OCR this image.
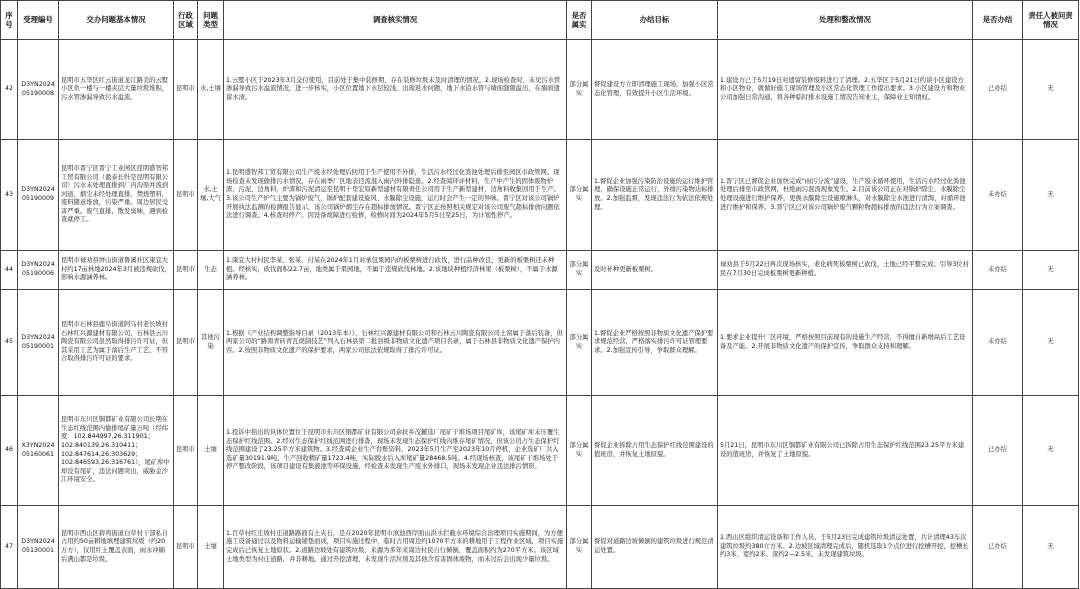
序号	受理编号	交办问题基本情况	行政区域	问题类型	调查核实情况	是否属实	办结目标	处理和整改情况	是否办结	责任人被问责情况
42	D3YN2024 05190008	昆明市五华区红云街道龙江路美的云墅小区负一楼与一楼夹层大量垃圾堆积，污水管渗漏导致污水溢流。	昆明市	水,土壤	1.云墅小区于2023年3月交付使用，目前处于集中装修期，存在装修垃圾未及时清理的情况。2.现场检查时，未见污水管渗漏导致污水溢流情况，进一步核实，小区位置地下水层较浅，出现返水问题，地下水沿水管与墙面缝隙溢出，在墙面遗留水渍。	部分属实	督促建设方立即清理施工现场，加强小区常态化管理，有效提升小区生活环境。	1.建设方已于5月19日对遗留装修废料进行了清理。2.五华区于5月21日约谈小区建设方和小区物业，就做好施工现场管理及小区常态化管理工作提出要求。3.小区建设方和物业公司加强日常沟通，将各种临时排水设施工情况告知业主，保障业主知情权。	已办结	无
43	D3YN2024 05190009	昆明市晋宁区晋宁工业园区昆明盛智邦工贸有限公司（盈泰长纤是昆明有限公司）污水未处理直排到厂内沟渠并流到河道，烟尘未经处理直排，焚烧塑料，废料随意堆放，污染严重。周边居民受害严重。废气直排，散发臭味，遇到检查就停工。	昆明市	水,土壤,大气	1.昆明盛智邦工贸有限公司生产废水经处理后回用于生产使用不外排，生活污水经过化粪池处理后排至园区市政管网。现场检查未发现偷排污水情况，存在雨季厂区地表径流混入雨内外排隐患。2.经查阅环评材料，生产中产生的固体废物炉渣、污泥、边角料，炉渣和污泥清运至昆明十里宏原新型建材有限责任公司用于生产新型建材，边角料收集回用于生产。3.该公司生产炉气主要为锅炉废气，锅炉配套建设旋风、水膜除尘设施，运行时会产生一定的异味。晋宁区对该公司锅炉开展执法监测的检测报告显示，该公司锅炉烟尘存在超标排放情况。晋宁区正按照相关规定对该公司废气超标排放问题依法进行调查。4.核查时停产。因设备故障进行检修，检修时间为2024年5月5日至25日，为计划性停产。	部分属实	1.督促企业加强污染防治设施的运行维护管理，确保设施正常运行，外排污染物达标排放。2.加强监督，发现违法行为依法依规处理。	1.晋宁区已督促企业加快完成“雨污分流”建设，生产废水循环使用，生活污水经过化粪池处理后排至市政管网，杜绝雨污混流现象发生。2.目前该公司正在对锅炉除尘、水膜除尘处理设施进行维护保养，更换水膜除尘设施喷淋头，对水膜除尘水池进行清淘，对循环池进行维护和保养。3.晋宁区已对该公司锅炉废气颗粒物超标排放的违法行为立案调查。	未办结	无
44	D3YN2024 05190006	昆明市禄劝县屏山街道鲁溪社区康宜大村约17亩林地2024年3月被违规砍伐，影响水源涵养林。	昆明市	生态	1.康宜大村村民李某、张某、付某在2024年1月对承包果园内的板栗树进行砍伐，进行品种改良，更新的板栗树还未种植。经核实，砍伐面积22.7亩，地类属于果园地，不属于违规砍伐林地。2.该地块种植经济林果（板栗树），不属于水源涵养林。	部分属实	及时补种更新板栗树。	禄劝县于5月22日再次现场核实，老化病死板栗树已砍伐，土地已经平整完成；引导3位村民在7月30日完成板栗树更新种植。	未办结	无
45	D3YN2024 05190001	昆明市石林县鹿阜街道阿乌村老长坡村石林红兴源建材有限公司、石林县云川陶瓷有限公司虽然取得排污许可证，但其采用工艺为属于落后生产工艺，不符合取得排污许可证的要求。	昆明市	其他污染	1.根据《产业结构调整指导目录（2013年本）》，石林红兴源建材有限公司和石林云川陶瓷有限公司土窑属于落后装备，但两家公司的“路南青砖青瓦烧制技艺”列入石林县第二批县级非物质文化遗产项目名录，属于石林县非物质文化遗产保护内容。2.按照非物质文化遗产的保护要求，两家公司依法依规取得了排污许可证。	部分属实	1.督促企业严格按照非物质文化遗产保护要求规范经营，严格落实排污许可证管理要求。2.加强宣传引导，争取群众理解。	1.要求企业提升厂区环境，严格按照目前现有的设施生产经营，不得擅自新增高后工艺设备及产能。2.开展非物质文化遗产的保护宣传，争取群众支持和理解。	未办结	无
46	X3YN2024 05160061	昆明市东川区铜都矿业有限公司长期在生态红线范围内偷排尾矿量万吨（经纬度：102.844997,26.311901；102.840139,26.310411；102.847614,26.303629；102.846593,26.316761），尾矿库中却没有尾矿，违法问题突出，威胁金沙江环境安全。	昆明市	土壤	1.投诉中指出的具体位置位于昆明市东川区铜都矿业有限公司余扶乡茂麓选厂尾矿干堆场项目尾矿库，该尾矿库未压覆生态保护红线范围。2.经对生态保护红线范围进行排查，现场未发现生态保护红线内堆存尾矿情况，但该公司占生态保护红线范围建设了23.25平方米建筑物。3.经查阅企业生产台账资料，2023年5月生产至2023年10月停机，企业选矿厂共入选矿量30191.9吨，生产回收精矿量1723.4吨，实际脱水后入库尾矿量28468.5吨。4.经现场核查，该尾矿干堆场处于停产整改阶段，该项目建设有集液池等环保设施，经检查未发现生产废水外排口，现场未发现企业违法排污情形。	部分属实	督促企业拆除占用生态保护红线范围建设的值班房，并恢复土地原貌。	5月21日，昆明市东川区铜都矿业有限公司已拆除占用生态保护红线范围23.25平方米建设的值班房，并恢复了土地原貌。	已办结	无
47	D3YN2024 05130001	昆明市西山区碧鸡街道白草村干部私自占用约50亩耕地填埋建筑垃圾（约20万方），仅用红土覆盖表面，雨水冲刷后满山都是垃圾。	昆明市	土壤	1.百草村红庄坡村庄道路路面有土夹石，是在2020年昆明市滇池西岸面山洪水拦截水环境综合治理项目实施期间，为方便施工设备通过以及物料运输铺垫而成，项目实施过程中，临时占用周边约1070平方米的耕地用于工程作业区域，项目实施完成后已恢复土地原状。2.道路边坡处有建筑垃圾，来源为多年来周边村民自行倾倒，覆盖面积约为270平方米。该区域土地类型为村庄道路，并非耕地。通过开挖清理，未发现生活垃圾及其他含有害固体废物，而未过后会出现少量垃圾。	部分属实	督促对道路边坡倾倒的建筑垃圾进行规范清运处置。	1.西山区组织清运设备和工作人员，于5月23日完成建筑垃圾清运处置，共计清理43车次建筑垃圾约380立方米。2.边坡区域清理完成后，随机选取1个点位进行挖槽开挖，挖槽长约3米、宽约2米、深约2—2.5米，未发现建筑垃圾。	已办结	无
